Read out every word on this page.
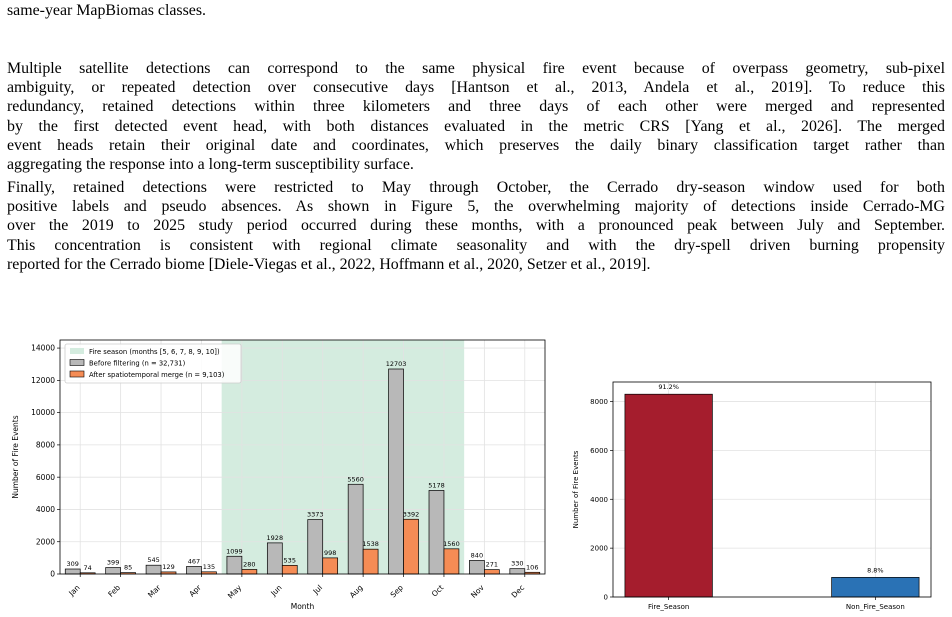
same-year MapBiomas classes.

Multiple satellite detections can correspond to the same physical fire event because of overpass geometry, sub-pixel
ambiguity, or repeated detection over consecutive days [Hantson et al., 2013, Andela et al., 2019]. To reduce this
redundancy, retained detections within three kilometers and three days of each other were merged and represented
by the first detected event head, with both distances evaluated in the metric CRS [Yang et al., 2026]. The merged
event heads retain their original date and coordinates, which preserves the daily binary classification target rather than
aggregating the response into a long-term susceptibility surface.

Finally, retained detections were restricted to May through October, the Cerrado dry-season window used for both
positive labels and pseudo absences. As shown in Figure 5, the overwhelming majority of detections inside Cerrado-MG
over the 2019 to 2025 study period occurred during these months, with a pronounced peak between July and September.
This concentration is consistent with regional climate seasonality and with the dry-spell driven burning propensity
reported for the Cerrado biome [Diele-Viegas et al., 2022, Hoffmann et al., 2020, Setzer et al., 2019].

309 74
Jan
399
85
Feb
545
129
Mar
467
135
Apr
1099
280
May
1928
535
Jun
3373
998
Jul
5560
1538
Aug
12703
3392
Sep
5178
1560
Oct
840
271
Nov
330 106
Dec
0
2000
4000
6000
8000
10000
12000
14000
Month
Number of Fire Events
Fire season (months [5, 6, 7, 8, 9, 10])
Before filtering (n = 32,731)
After spatiotemporal merge (n = 9,103)
91.2%
Fire_Season
8.8%
Non_Fire_Season
0
2000
4000
6000
8000
Number of Fire Events
